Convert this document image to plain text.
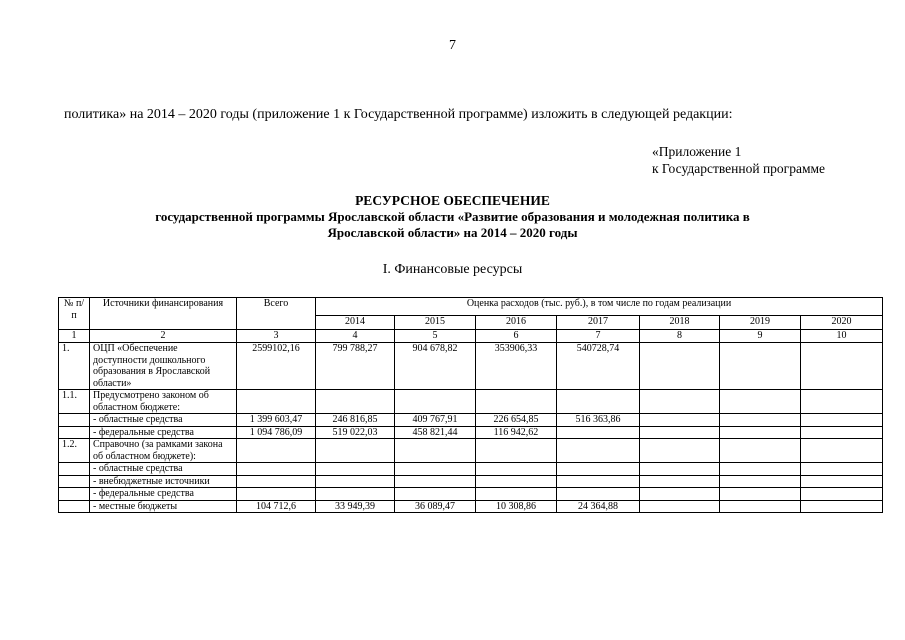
7
политика» на 2014 – 2020 годы (приложение 1 к Государственной программе) изложить в следующей редакции:
«Приложение 1
к Государственной программе
РЕСУРСНОЕ ОБЕСПЕЧЕНИЕ
государственной программы Ярославской области «Развитие образования и молодежная политика в
Ярославской области» на 2014 – 2020 годы
I. Финансовые ресурсы
№ п/п	Источники финансирования	Всего	Оценка расходов (тыс. руб.), в том числе по годам реализации						
			2014	2015	2016	2017	2018	2019	2020
1	2	3	4	5	6	7	8	9	10
1.	ОЦП «Обеспечение доступности дошкольного образования в Ярославской области»	2599102,16	799 788,27	904 678,82	353906,33	540728,74			
1.1.	Предусмотрено законом об областном бюджете:								
	- областные средства	1 399 603,47	246 816,85	409 767,91	226 654,85	516 363,86			
	- федеральные средства	1 094 786,09	519 022,03	458 821,44	116 942,62				
1.2.	Справочно (за рамками закона об областном бюджете):								
	- областные средства								
	- внебюджетные источники								
	- федеральные средства								
	- местные бюджеты	104 712,6	33 949,39	36 089,47	10 308,86	24 364,88			
